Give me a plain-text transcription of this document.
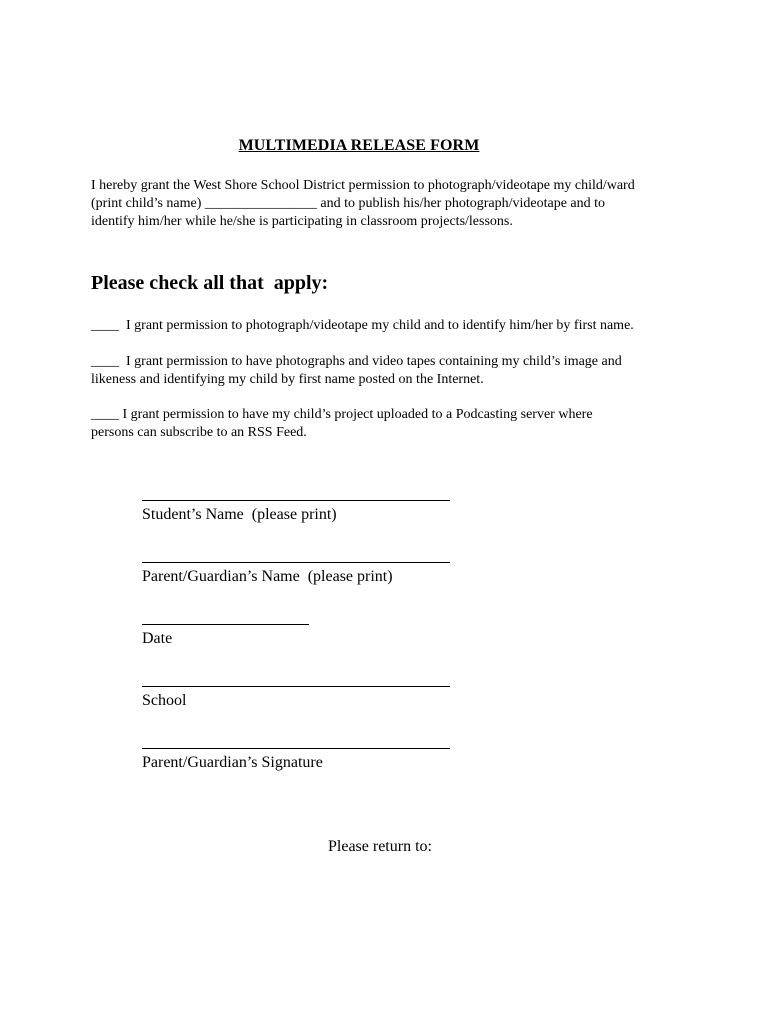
MULTIMEDIA RELEASE FORM
I hereby grant the West Shore School District permission to photograph/videotape my child/ward
(print child’s name) ________________ and to publish his/her photograph/videotape and to
identify him/her while he/she is participating in classroom projects/lessons.
Please check all that  apply:
____  I grant permission to photograph/videotape my child and to identify him/her by first name.
____  I grant permission to have photographs and video tapes containing my child’s image and
likeness and identifying my child by first name posted on the Internet.
____ I grant permission to have my child’s project uploaded to a Podcasting server where
persons can subscribe to an RSS Feed.
Student’s Name  (please print)
Parent/Guardian’s Name  (please print)
Date
School
Parent/Guardian’s Signature
Please return to:
